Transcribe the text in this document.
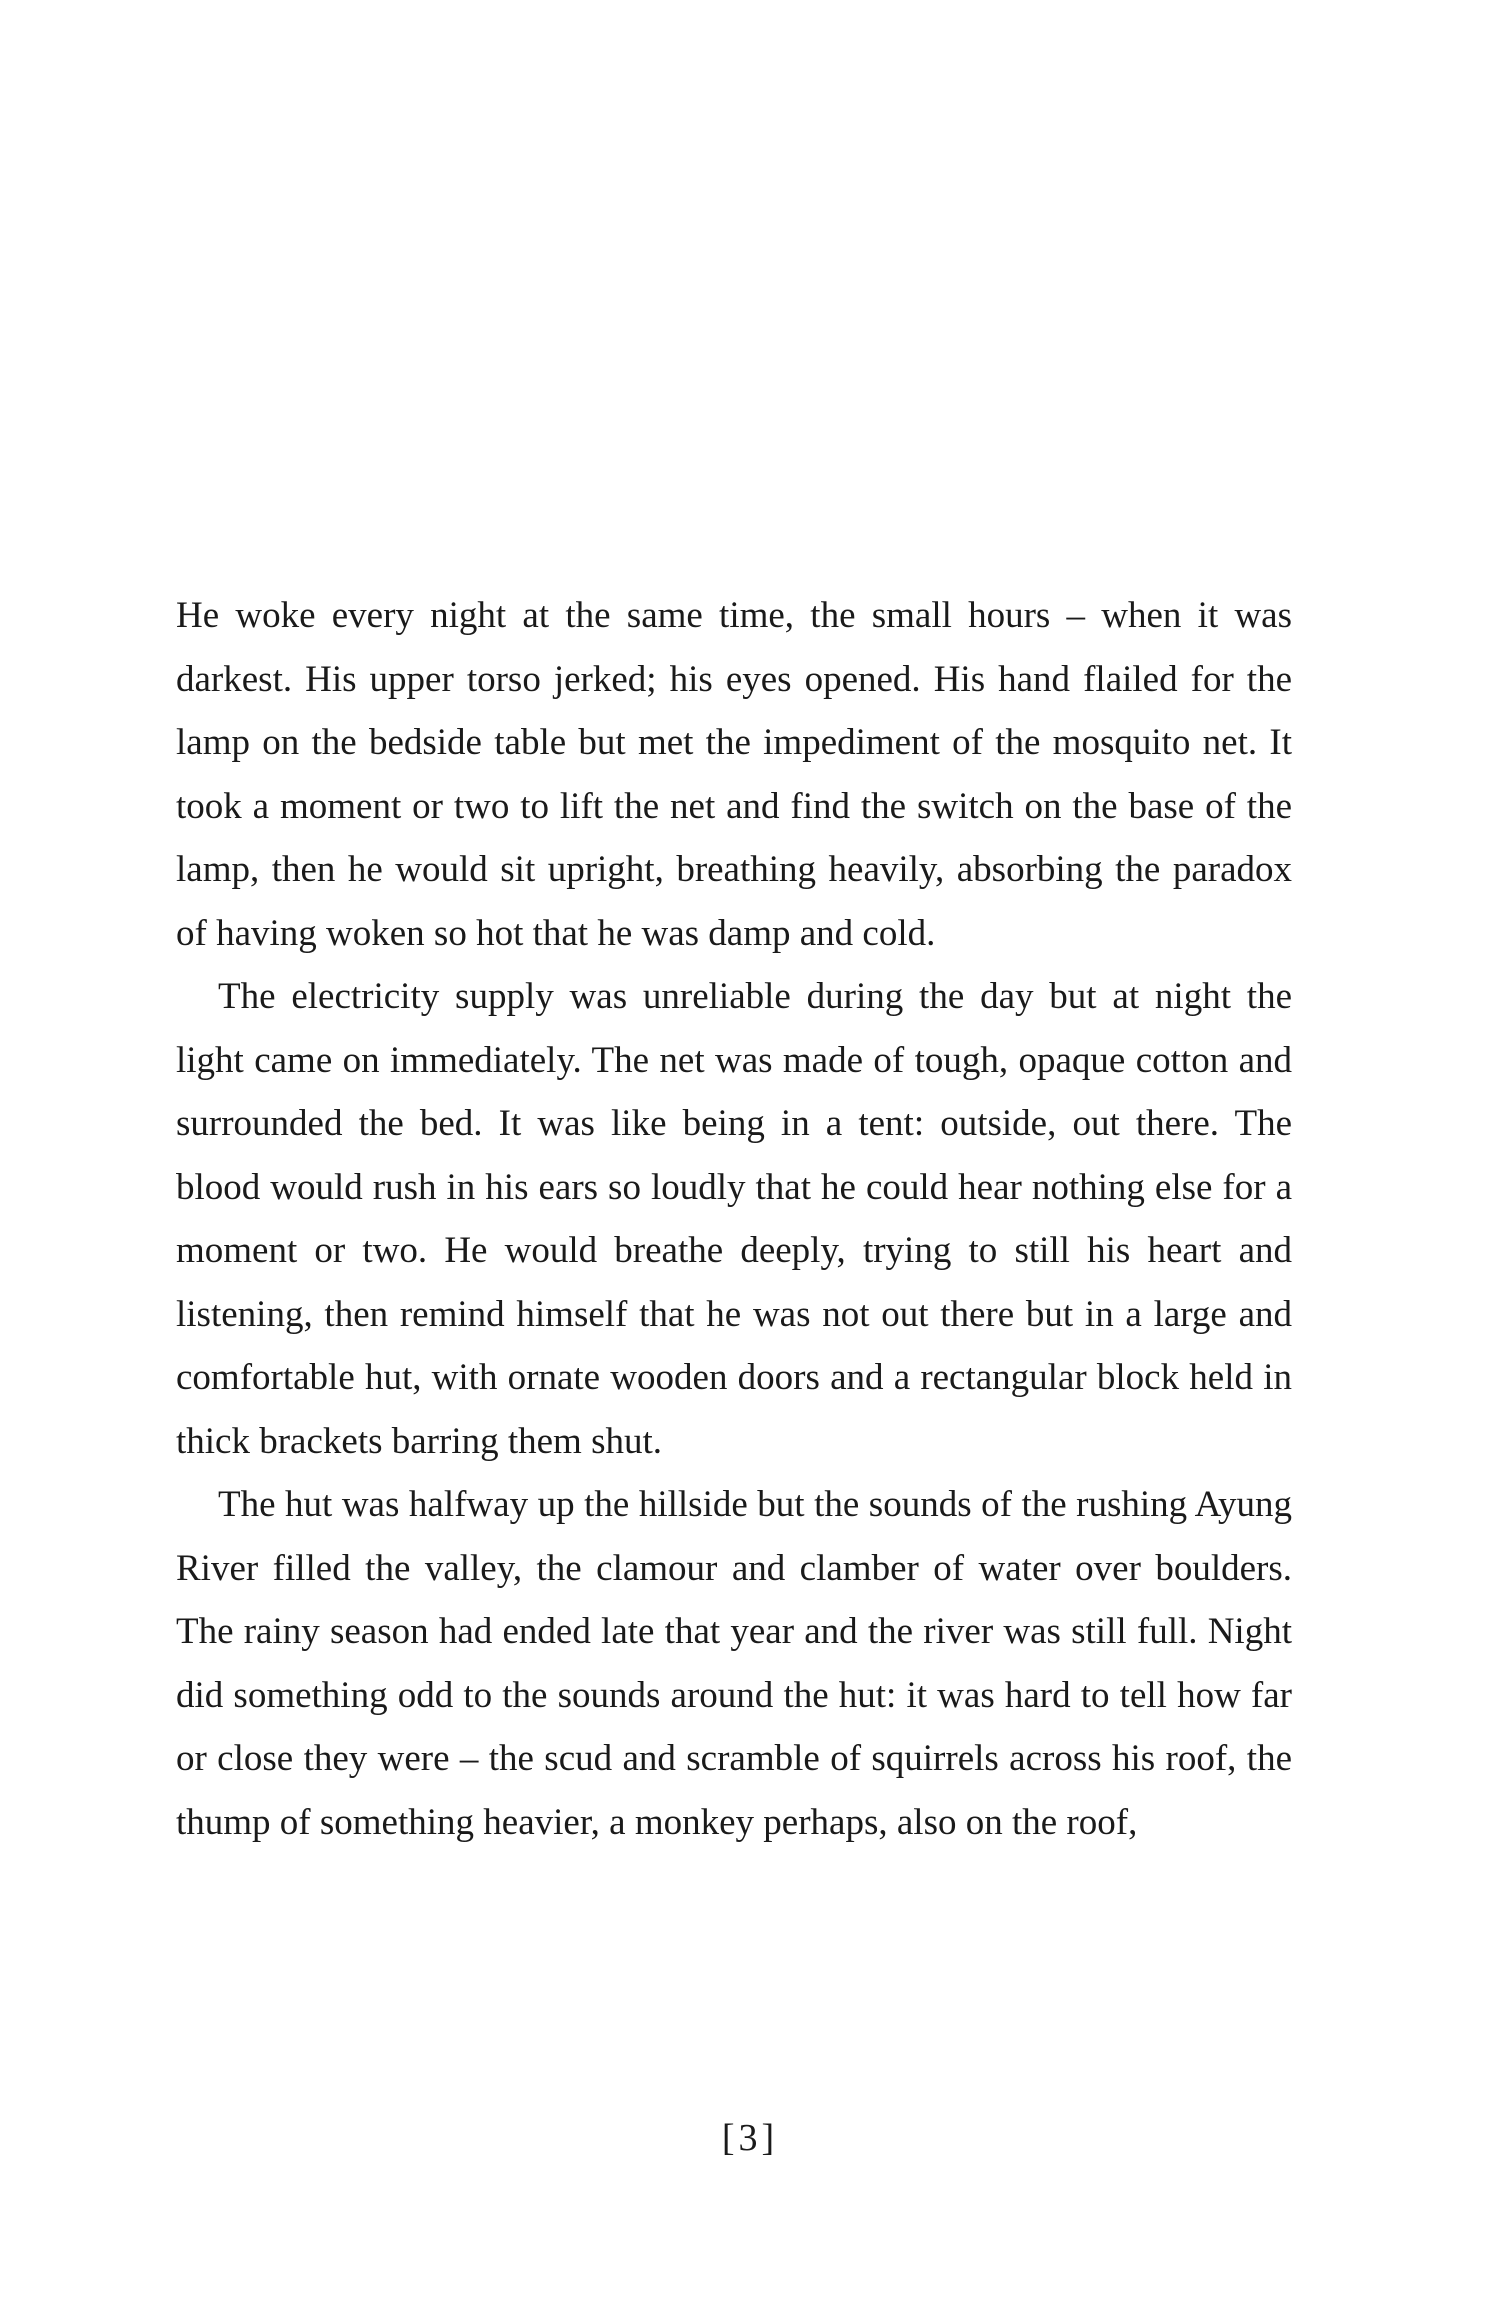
He woke every night at the same time, the small hours – when it was darkest. His upper torso jerked; his eyes opened. His hand flailed for the lamp on the bedside table but met the impediment of the mosquito net. It took a moment or two to lift the net and find the switch on the base of the lamp, then he would sit upright, breathing heavily, absorbing the paradox of having woken so hot that he was damp and cold.

The electricity supply was unreliable during the day but at night the light came on immediately. The net was made of tough, opaque cotton and surrounded the bed. It was like being in a tent: outside, out there. The blood would rush in his ears so loudly that he could hear nothing else for a moment or two. He would breathe deeply, trying to still his heart and listening, then remind himself that he was not out there but in a large and comfortable hut, with ornate wooden doors and a rectangular block held in thick brackets barring them shut.

The hut was halfway up the hillside but the sounds of the rushing Ayung River filled the valley, the clamour and clamber of water over boulders. The rainy season had ended late that year and the river was still full. Night did something odd to the sounds around the hut: it was hard to tell how far or close they were – the scud and scramble of squirrels across his roof, the thump of something heavier, a monkey perhaps, also on the roof,

[3]
